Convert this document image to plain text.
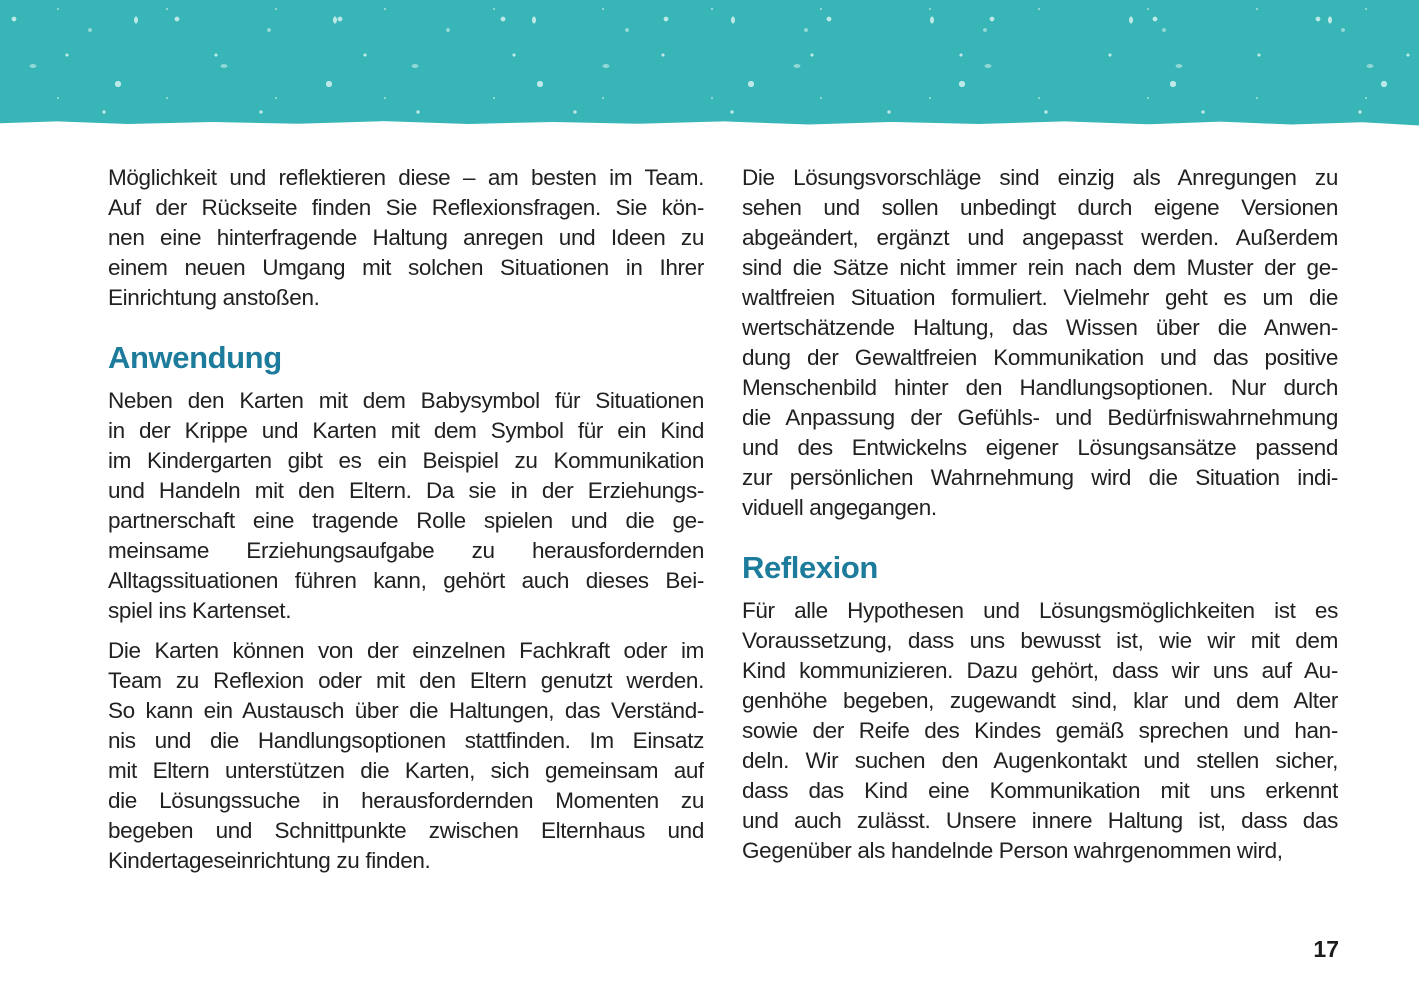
Möglichkeit und reflektieren diese – am besten im Team.
Auf der Rückseite finden Sie Reflexionsfragen. Sie kön-
nen eine hinterfragende Haltung anregen und Ideen zu
einem neuen Umgang mit solchen Situationen in Ihrer
Einrichtung anstoßen.
Anwendung
Neben den Karten mit dem Babysymbol für Situationen
in der Krippe und Karten mit dem Symbol für ein Kind
im Kindergarten gibt es ein Beispiel zu Kommunikation
und Handeln mit den Eltern. Da sie in der Erziehungs-
partnerschaft eine tragende Rolle spielen und die ge-
meinsame Erziehungsaufgabe zu herausfordernden
Alltagssituationen führen kann, gehört auch dieses Bei-
spiel ins Kartenset.
Die Karten können von der einzelnen Fachkraft oder im
Team zu Reflexion oder mit den Eltern genutzt werden.
So kann ein Austausch über die Haltungen, das Verständ-
nis und die Handlungsoptionen stattfinden. Im Einsatz
mit Eltern unterstützen die Karten, sich gemeinsam auf
die Lösungssuche in herausfordernden Momenten zu
begeben und Schnittpunkte zwischen Elternhaus und
Kindertageseinrichtung zu finden.
Die Lösungsvorschläge sind einzig als Anregungen zu
sehen und sollen unbedingt durch eigene Versionen
abgeändert, ergänzt und angepasst werden. Außerdem
sind die Sätze nicht immer rein nach dem Muster der ge-
waltfreien Situation formuliert. Vielmehr geht es um die
wertschätzende Haltung, das Wissen über die Anwen-
dung der Gewaltfreien Kommunikation und das positive
Menschenbild hinter den Handlungsoptionen. Nur durch
die Anpassung der Gefühls- und Bedürfniswahrnehmung
und des Entwickelns eigener Lösungsansätze passend
zur persönlichen Wahrnehmung wird die Situation indi-
viduell angegangen.
Reflexion
Für alle Hypothesen und Lösungsmöglichkeiten ist es
Voraussetzung, dass uns bewusst ist, wie wir mit dem
Kind kommunizieren. Dazu gehört, dass wir uns auf Au-
genhöhe begeben, zugewandt sind, klar und dem Alter
sowie der Reife des Kindes gemäß sprechen und han-
deln. Wir suchen den Augenkontakt und stellen sicher,
dass das Kind eine Kommunikation mit uns erkennt
und auch zulässt. Unsere innere Haltung ist, dass das
Gegenüber als handelnde Person wahrgenommen wird,
17
